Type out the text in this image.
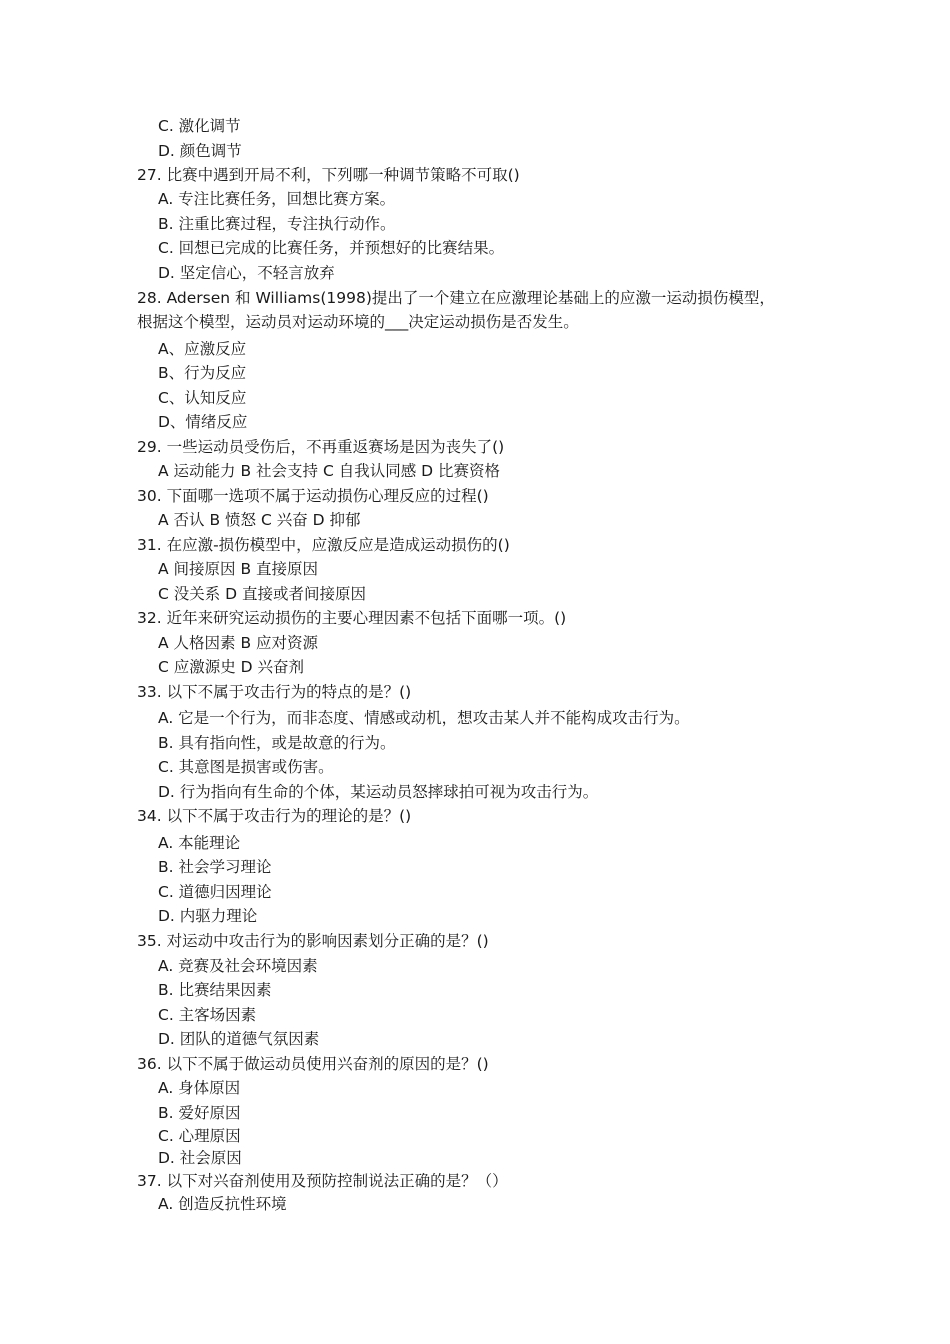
C. 激化调节
D. 颜色调节
27. 比赛中遇到开局不利，下列哪一种调节策略不可取()
A. 专注比赛任务，回想比赛方案。
B. 注重比赛过程，专注执行动作。
C. 回想已完成的比赛任务，并预想好的比赛结果。
D. 坚定信心，不轻言放弃
28. Adersen 和 Williams(1998)提出了一个建立在应激理论基础上的应激一运动损伤模型，
根据这个模型，运动员对运动环境的___决定运动损伤是否发生。
A、应激反应
B、行为反应
C、认知反应
D、情绪反应
29. 一些运动员受伤后，不再重返赛场是因为丧失了()
A 运动能力 B 社会支持 C 自我认同感 D 比赛资格
30. 下面哪一选项不属于运动损伤心理反应的过程()
A 否认 B 愤怒 C 兴奋 D 抑郁
31. 在应激-损伤模型中，应激反应是造成运动损伤的()
A 间接原因 B 直接原因
C 没关系 D 直接或者间接原因
32. 近年来研究运动损伤的主要心理因素不包括下面哪一项。()
A 人格因素 B 应对资源
C 应激源史 D 兴奋剂
33. 以下不属于攻击行为的特点的是？()
A. 它是一个行为，而非态度、情感或动机，想攻击某人并不能构成攻击行为。
B. 具有指向性，或是故意的行为。
C. 其意图是损害或伤害。
D. 行为指向有生命的个体，某运动员怒摔球拍可视为攻击行为。
34. 以下不属于攻击行为的理论的是？()
A. 本能理论
B. 社会学习理论
C. 道德归因理论
D. 内驱力理论
35. 对运动中攻击行为的影响因素划分正确的是？()
A. 竞赛及社会环境因素
B. 比赛结果因素
C. 主客场因素
D. 团队的道德气氛因素
36. 以下不属于做运动员使用兴奋剂的原因的是？()
A. 身体原因
B. 爱好原因
C. 心理原因
D. 社会原因
37. 以下对兴奋剂使用及预防控制说法正确的是？（）
A. 创造反抗性环境
